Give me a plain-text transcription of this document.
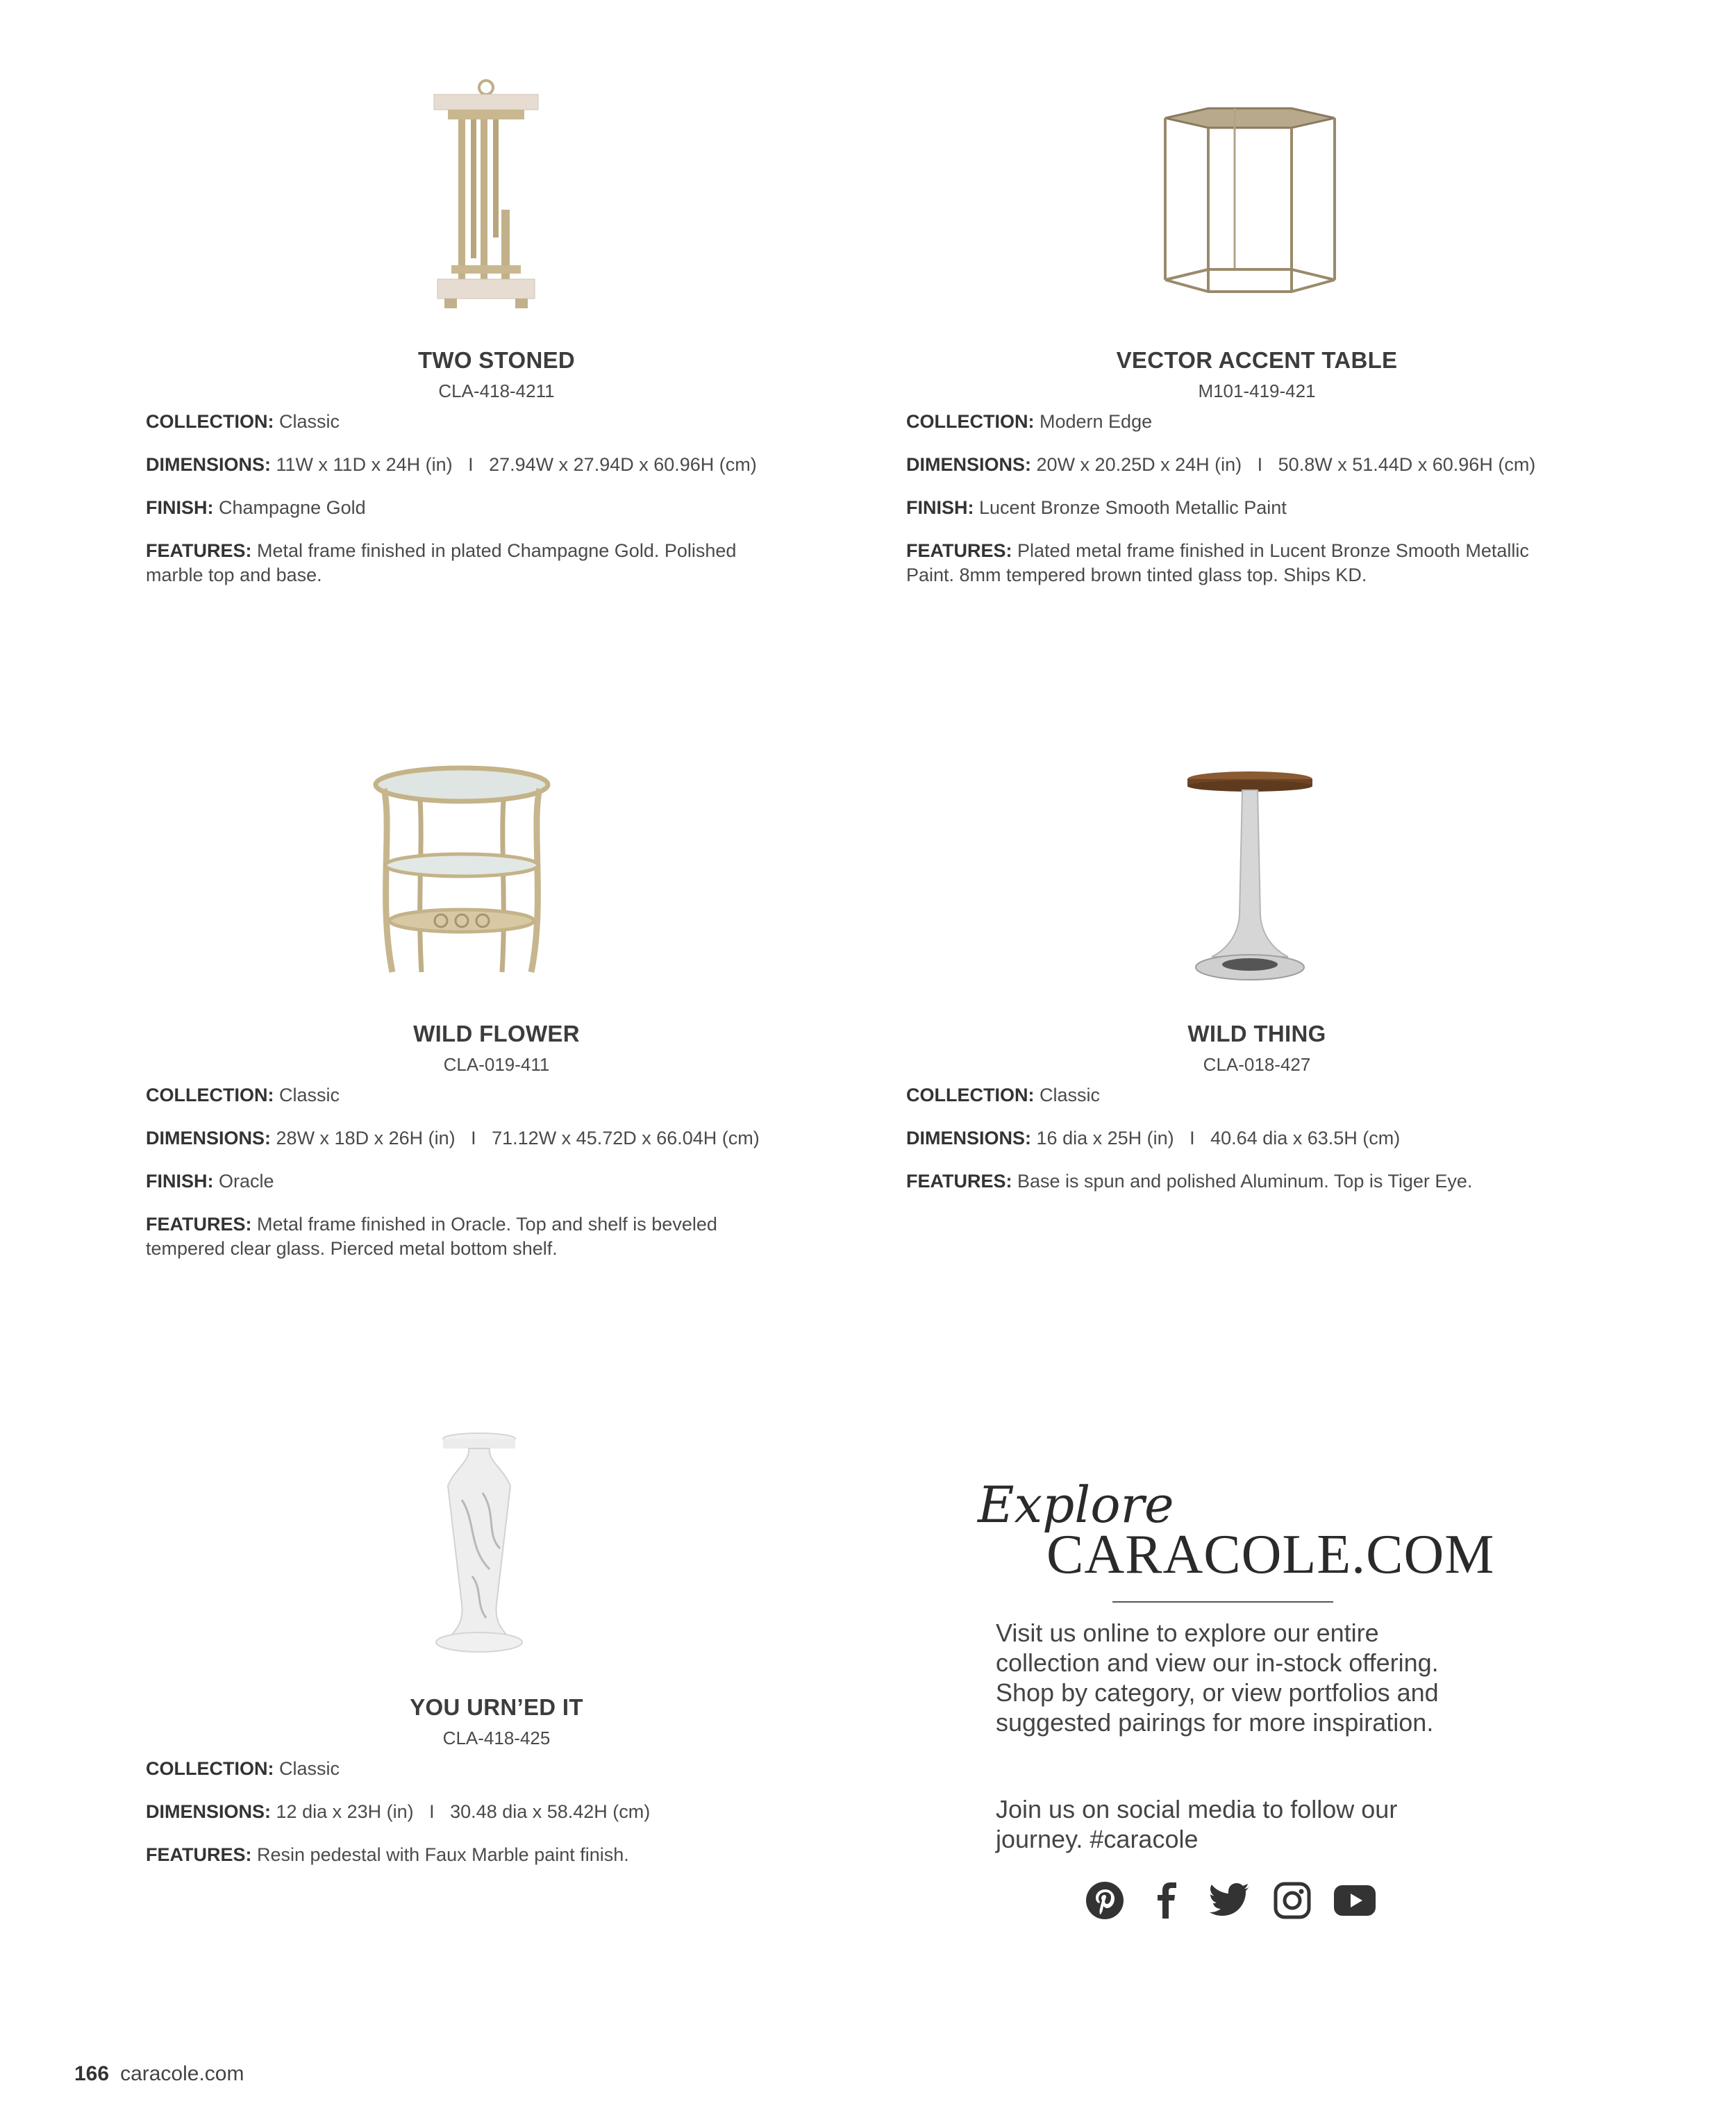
TWO STONED
CLA-418-4211
COLLECTION: Classic
DIMENSIONS: 11W x 11D x 24H (in)   I   27.94W x 27.94D x 60.96H (cm)
FINISH: Champagne Gold
FEATURES: Metal frame finished in plated Champagne Gold. Polished marble top and base.
VECTOR ACCENT TABLE
M101-419-421
COLLECTION: Modern Edge
DIMENSIONS: 20W x 20.25D x 24H (in)   I   50.8W x 51.44D x 60.96H (cm)
FINISH: Lucent Bronze Smooth Metallic Paint
FEATURES: Plated metal frame finished in Lucent Bronze Smooth Metallic Paint. 8mm tempered brown tinted glass top. Ships KD.
WILD FLOWER
CLA-019-411
COLLECTION: Classic
DIMENSIONS: 28W x 18D x 26H (in)   I   71.12W x 45.72D x 66.04H (cm)
FINISH: Oracle
FEATURES: Metal frame finished in Oracle. Top and shelf is beveled tempered clear glass. Pierced metal bottom shelf.
WILD THING
CLA-018-427
COLLECTION: Classic
DIMENSIONS: 16 dia x 25H (in)   I   40.64 dia x 63.5H (cm)
FEATURES: Base is spun and polished Aluminum. Top is Tiger Eye.
YOU URN’ED IT
CLA-418-425
COLLECTION: Classic
DIMENSIONS: 12 dia x 23H (in)   I   30.48 dia x 58.42H (cm)
FEATURES: Resin pedestal with Faux Marble paint finish.
Explore
CARACOLE.COM
Visit us online to explore our entire collection and view our in-stock offering. Shop by category, or view portfolios and suggested pairings for more inspiration.
Join us on social media to follow our journey. #caracole
166 caracole.com
